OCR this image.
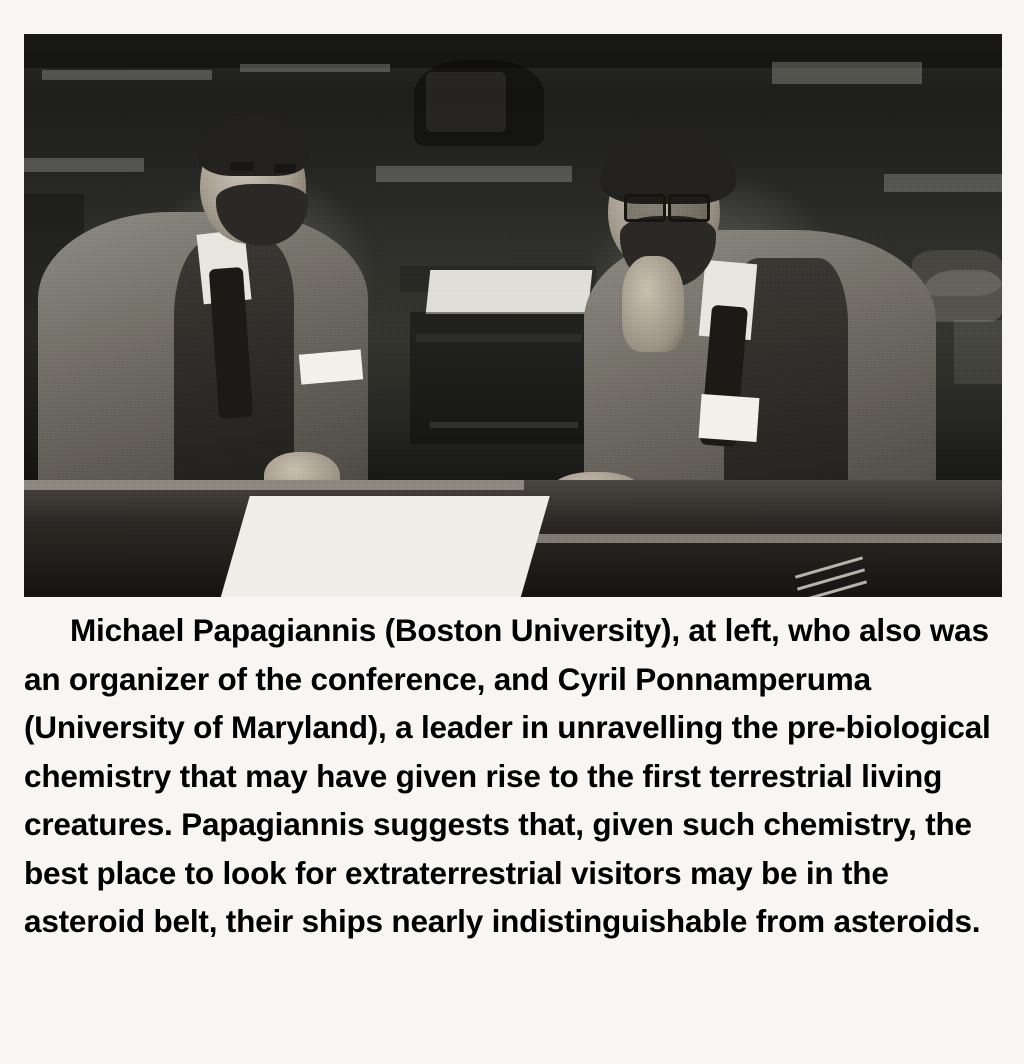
Michael Papagiannis (Boston University), at left, who also was an organizer of the conference, and Cyril Ponnamperuma (University of Maryland), a leader in unravelling the pre-biological chemistry that may have given rise to the first terrestrial living creatures. Papagiannis suggests that, given such chemistry, the best place to look for extraterrestrial visitors may be in the asteroid belt, their ships nearly indistinguishable from asteroids.
